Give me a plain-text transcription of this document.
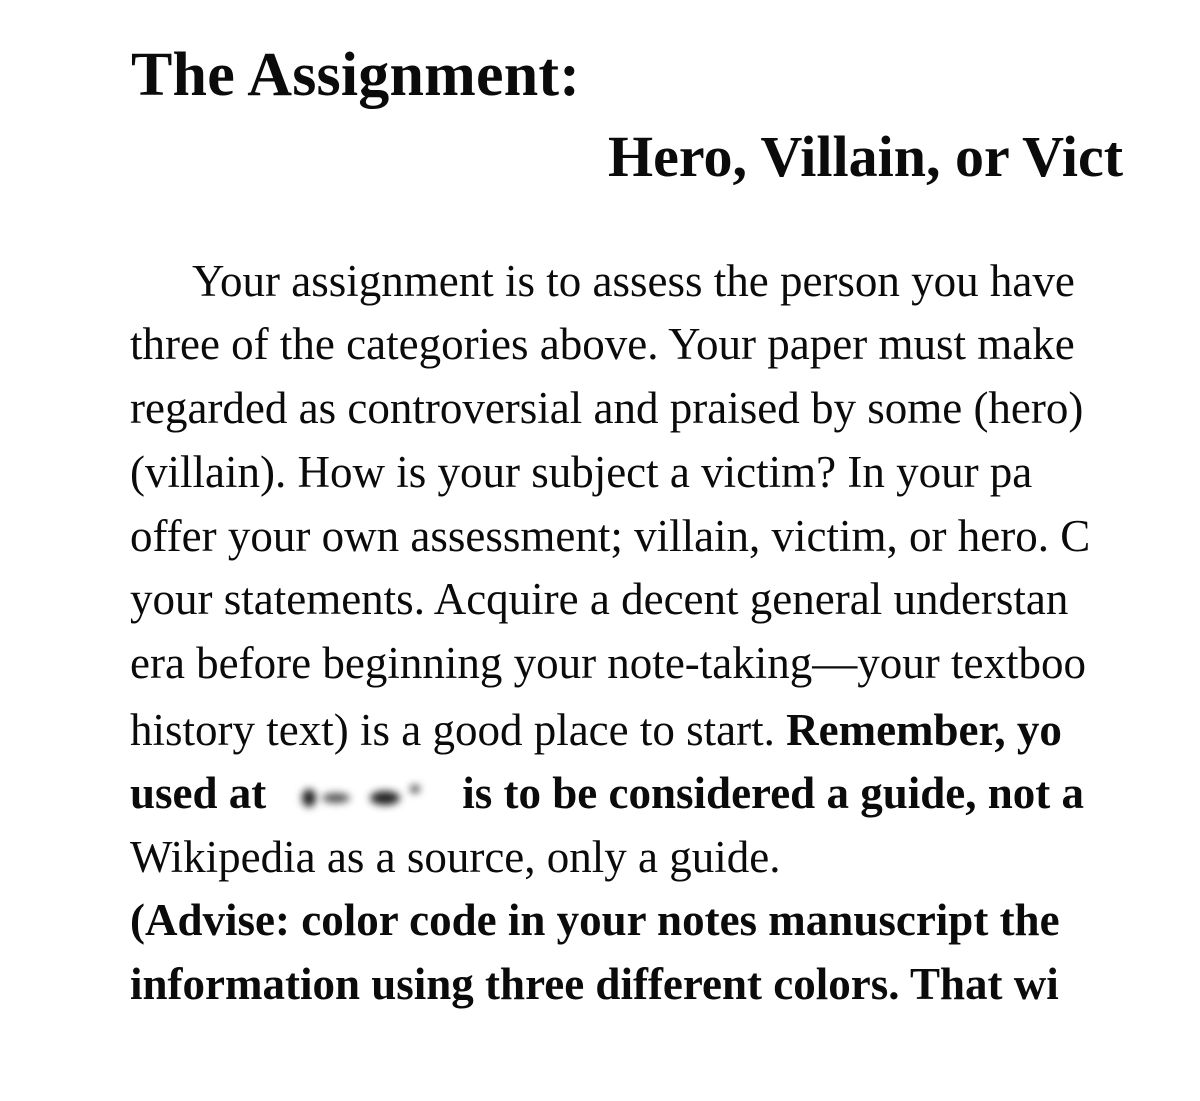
The Assignment:
Hero, Villain, or Vict
Your assignment is to assess the person you have
three of the categories above. Your paper must make
regarded as controversial and praised by some (hero)
(villain). How is your subject a victim? In your pa
offer your own assessment; villain, victim, or hero. C
your statements. Acquire a decent general understan
era before beginning your note-taking—your textboo
history text) is a good place to start. Remember, yo
used at	is to be considered a guide, not a
Wikipedia as a source, only a guide.
(Advise: color code in your notes manuscript the
information using three different colors. That wi
